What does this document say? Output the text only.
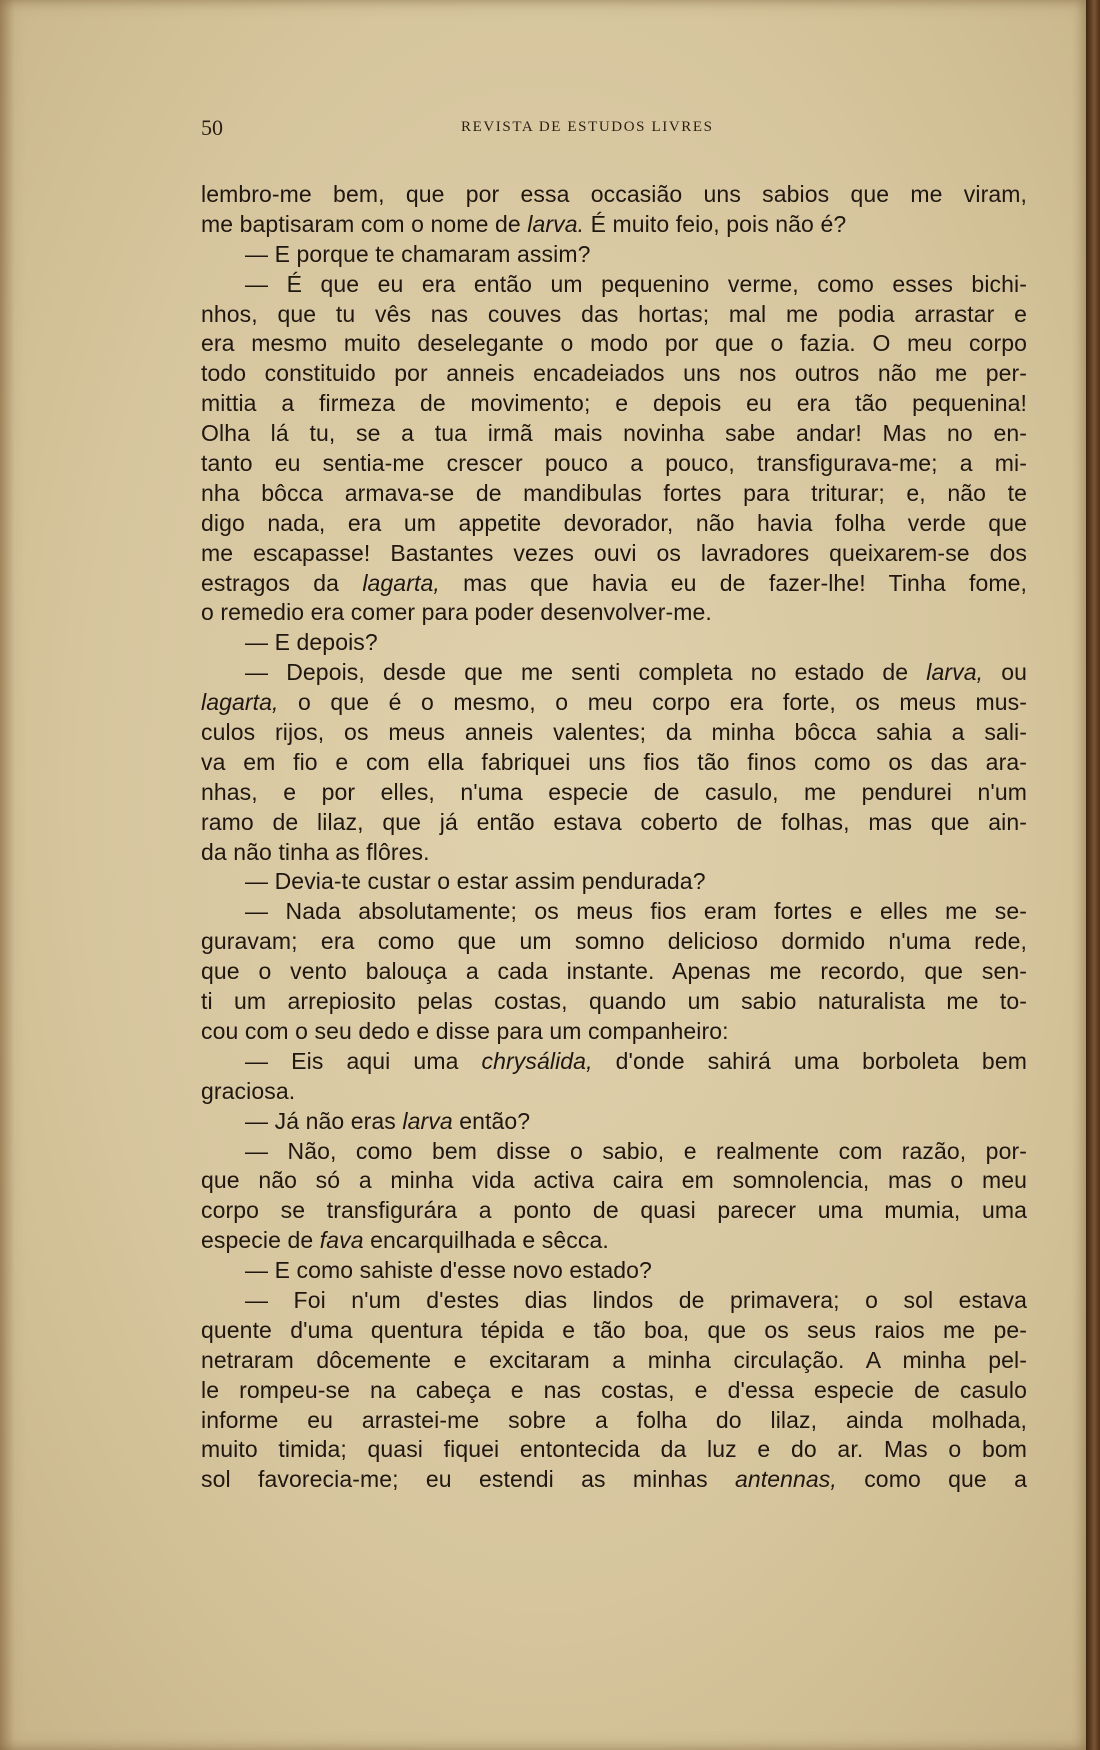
50	REVISTA DE ESTUDOS LIVRES
lembro-me bem, que por essa occasião uns sabios que me viram,
me baptisaram com o nome de larva. É muito feio, pois não é?
— E porque te chamaram assim?
— É que eu era então um pequenino verme, como esses bichi-
nhos, que tu vês nas couves das hortas; mal me podia arrastar e
era mesmo muito deselegante o modo por que o fazia. O meu corpo
todo constituido por anneis encadeiados uns nos outros não me per-
mittia a firmeza de movimento; e depois eu era tão pequenina!
Olha lá tu, se a tua irmã mais novinha sabe andar! Mas no en-
tanto eu sentia-me crescer pouco a pouco, transfigurava-me; a mi-
nha bôcca armava-se de mandibulas fortes para triturar; e, não te
digo nada, era um appetite devorador, não havia folha verde que
me escapasse! Bastantes vezes ouvi os lavradores queixarem-se dos
estragos da lagarta, mas que havia eu de fazer-lhe! Tinha fome,
o remedio era comer para poder desenvolver-me.
— E depois?
— Depois, desde que me senti completa no estado de larva, ou
lagarta, o que é o mesmo, o meu corpo era forte, os meus mus-
culos rijos, os meus anneis valentes; da minha bôcca sahia a sali-
va em fio e com ella fabriquei uns fios tão finos como os das ara-
nhas, e por elles, n'uma especie de casulo, me pendurei n'um
ramo de lilaz, que já então estava coberto de folhas, mas que ain-
da não tinha as flôres.
— Devia-te custar o estar assim pendurada?
— Nada absolutamente; os meus fios eram fortes e elles me se-
guravam; era como que um somno delicioso dormido n'uma rede,
que o vento balouça a cada instante. Apenas me recordo, que sen-
ti um arrepiosito pelas costas, quando um sabio naturalista me to-
cou com o seu dedo e disse para um companheiro:
— Eis aqui uma chrysálida, d'onde sahirá uma borboleta bem
graciosa.
— Já não eras larva então?
— Não, como bem disse o sabio, e realmente com razão, por-
que não só a minha vida activa caira em somnolencia, mas o meu
corpo se transfigurára a ponto de quasi parecer uma mumia, uma
especie de fava encarquilhada e sêcca.
— E como sahiste d'esse novo estado?
— Foi n'um d'estes dias lindos de primavera; o sol estava
quente d'uma quentura tépida e tão boa, que os seus raios me pe-
netraram dôcemente e excitaram a minha circulação. A minha pel-
le rompeu-se na cabeça e nas costas, e d'essa especie de casulo
informe eu arrastei-me sobre a folha do lilaz, ainda molhada,
muito timida; quasi fiquei entontecida da luz e do ar. Mas o bom
sol favorecia-me; eu estendi as minhas antennas, como que a
